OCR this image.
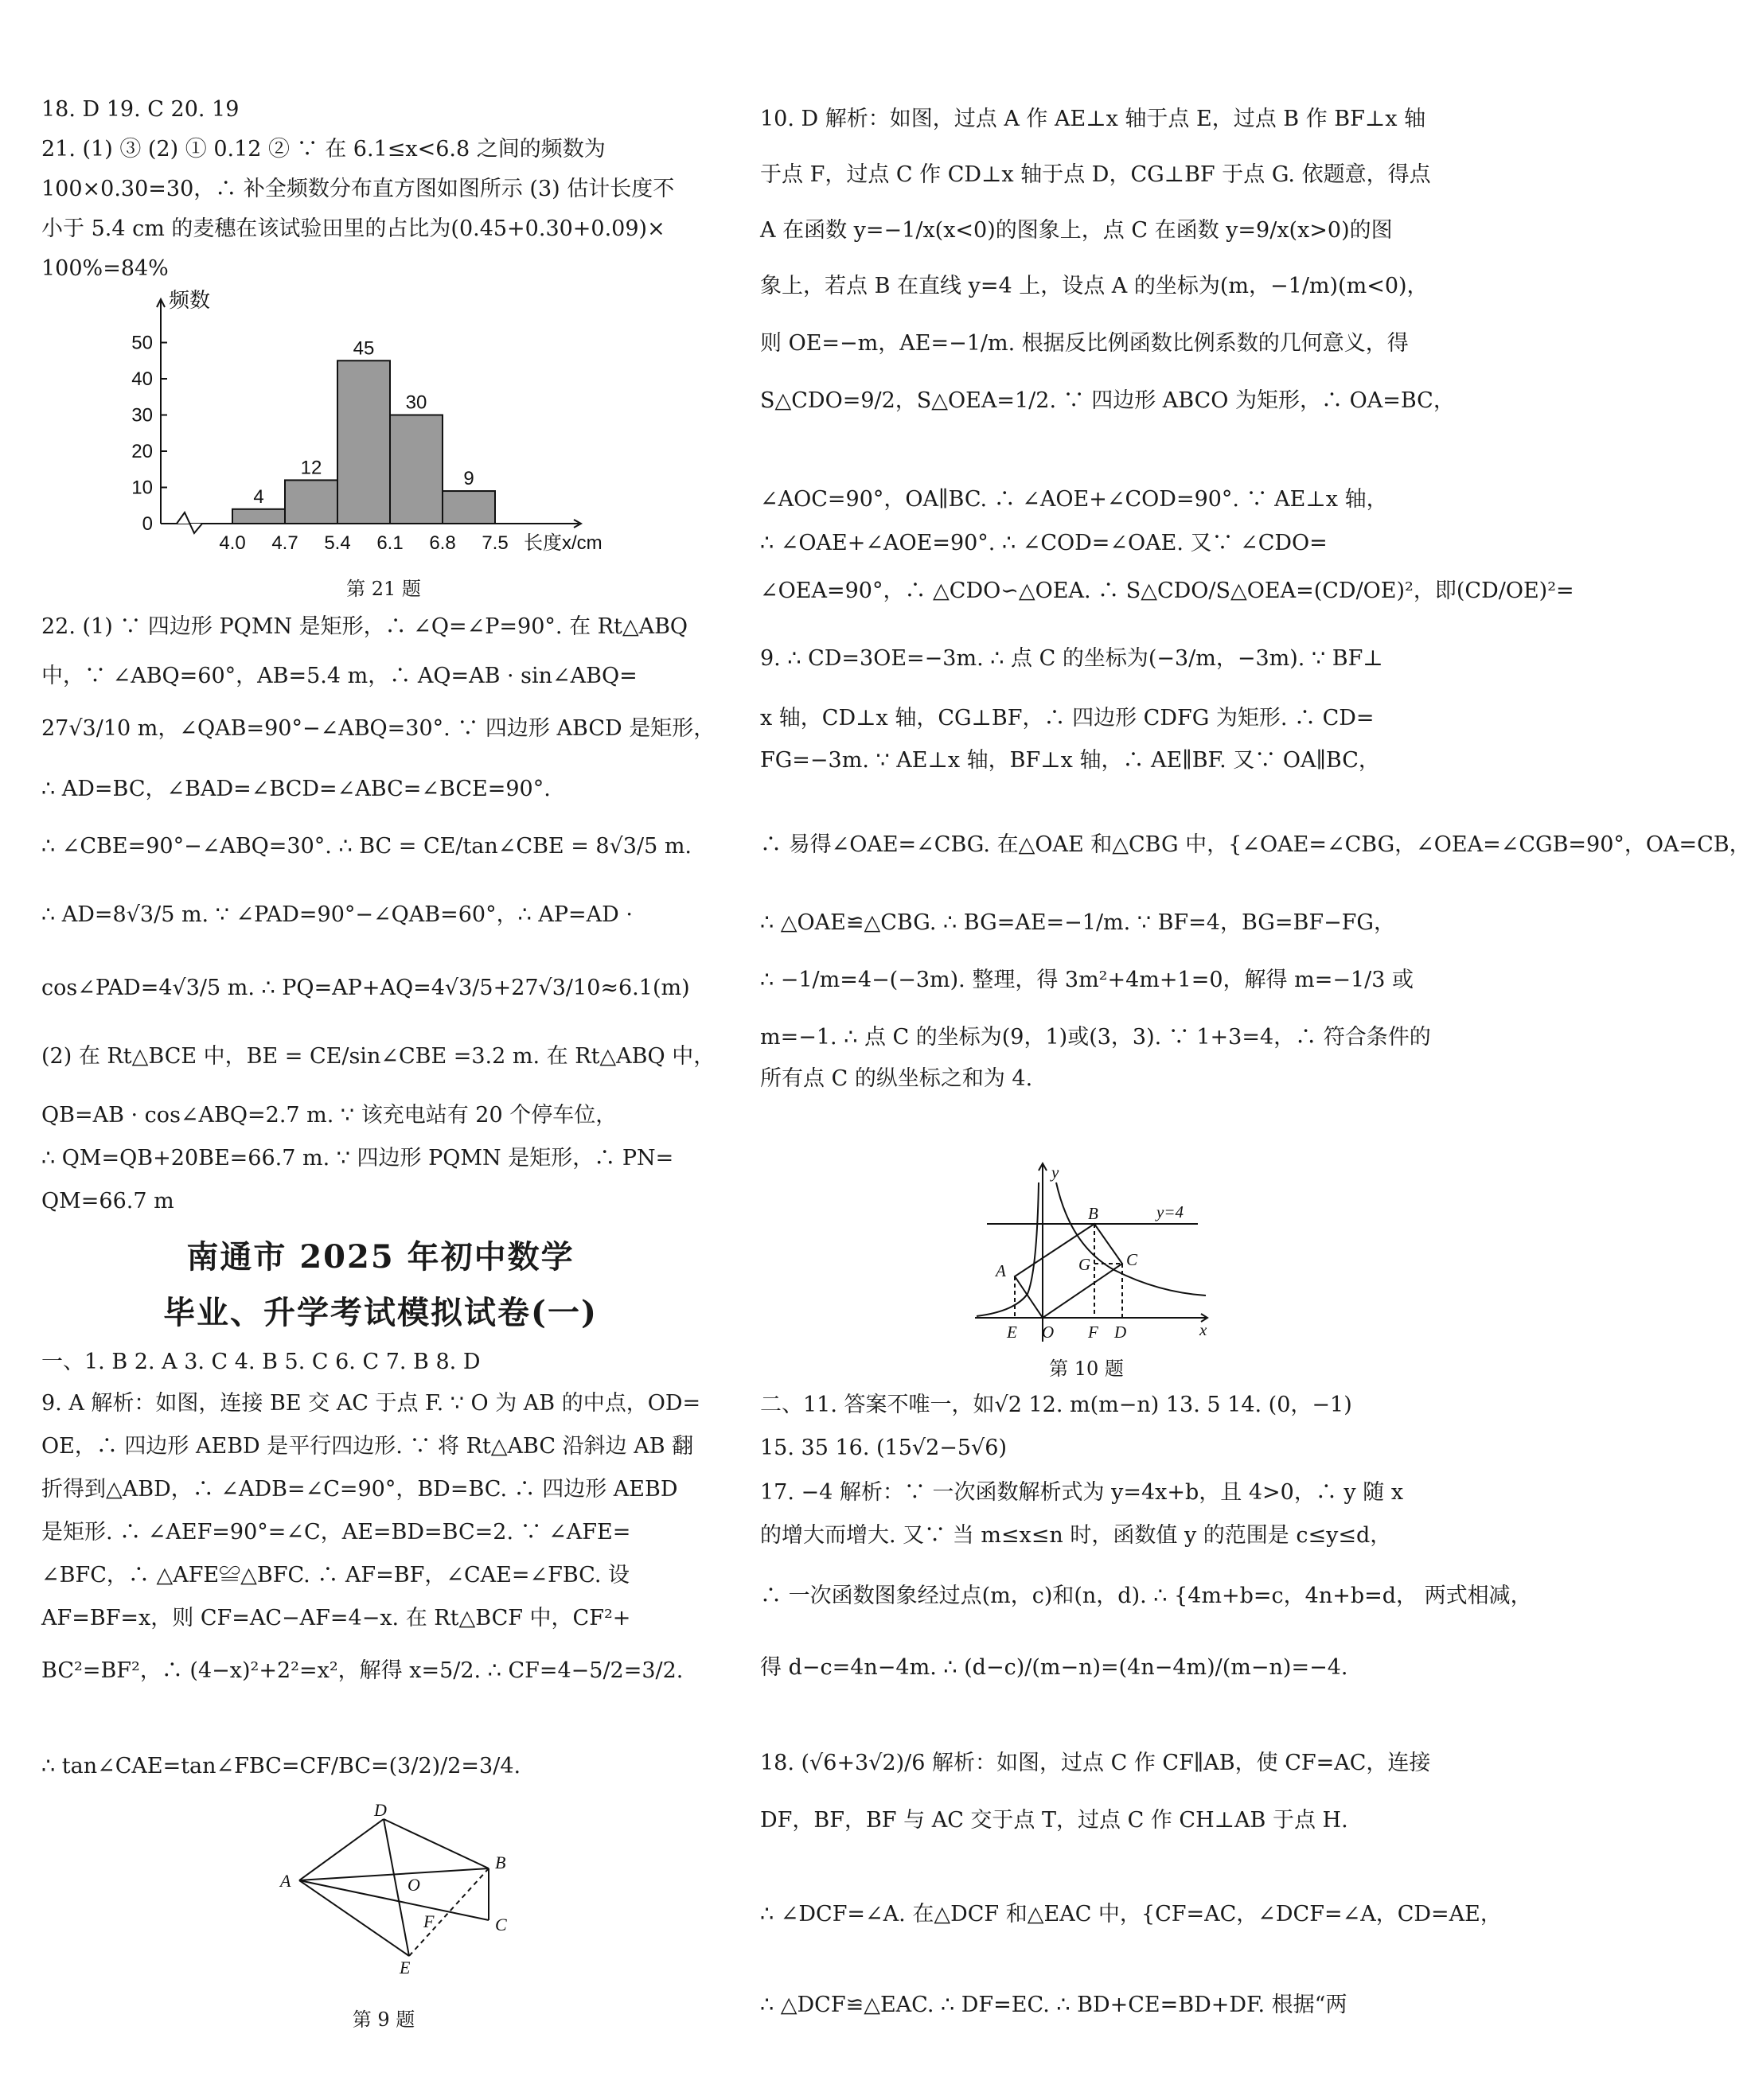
18. D 19. C 20. 19
21. (1) ③ (2) ① 0.12 ② ∵ 在 6.1≤x<6.8 之间的频数为
100×0.30=30，∴ 补全频数分布直方图如图所示 (3) 估计长度不
小于 5.4 cm 的麦穗在该试验田里的占比为(0.45+0.30+0.09)×
100%=84%
0
10
20
30
40
50
频数
4
12
45
30
9
4.0 4.7 5.4 6.1 6.8 7.5 长度x/cm
第 21 题
22. (1) ∵ 四边形 PQMN 是矩形，∴ ∠Q=∠P=90°. 在 Rt△ABQ
中，∵ ∠ABQ=60°，AB=5.4 m，∴ AQ=AB · sin∠ABQ=
27√3/10 m，∠QAB=90°−∠ABQ=30°. ∵ 四边形 ABCD 是矩形，
∴ AD=BC，∠BAD=∠BCD=∠ABC=∠BCE=90°.
∴ ∠CBE=90°−∠ABQ=30°. ∴ BC = CE/tan∠CBE = 8√3/5 m.
∴ AD=8√3/5 m. ∵ ∠PAD=90°−∠QAB=60°，∴ AP=AD ·
cos∠PAD=4√3/5 m. ∴ PQ=AP+AQ=4√3/5+27√3/10≈6.1(m)
(2) 在 Rt△BCE 中，BE = CE/sin∠CBE =3.2 m. 在 Rt△ABQ 中，
QB=AB · cos∠ABQ=2.7 m. ∵ 该充电站有 20 个停车位，
∴ QM=QB+20BE=66.7 m. ∵ 四边形 PQMN 是矩形，∴ PN=
QM=66.7 m
南通市 2025 年初中数学
毕业、升学考试模拟试卷(一)
一、1. B 2. A 3. C 4. B 5. C 6. C 7. B 8. D
9. A 解析：如图，连接 BE 交 AC 于点 F. ∵ O 为 AB 的中点，OD=
OE，∴ 四边形 AEBD 是平行四边形. ∵ 将 Rt△ABC 沿斜边 AB 翻
折得到△ABD，∴ ∠ADB=∠C=90°，BD=BC. ∴ 四边形 AEBD
是矩形. ∴ ∠AEF=90°=∠C，AE=BD=BC=2. ∵ ∠AFE=
∠BFC，∴ △AFE≌△BFC. ∴ AF=BF，∠CAE=∠FBC. 设
AF=BF=x，则 CF=AC−AF=4−x. 在 Rt△BCF 中，CF²+
BC²=BF²，∴ (4−x)²+2²=x²，解得 x=5/2. ∴ CF=4−5/2=3/2.
∴ tan∠CAE=tan∠FBC=CF/BC=(3/2)/2=3/4.
A
D
B
C
O
F
E
第 9 题
10. D 解析：如图，过点 A 作 AE⊥x 轴于点 E，过点 B 作 BF⊥x 轴
于点 F，过点 C 作 CD⊥x 轴于点 D，CG⊥BF 于点 G. 依题意，得点
A 在函数 y=−1/x(x<0)的图象上，点 C 在函数 y=9/x(x>0)的图
象上，若点 B 在直线 y=4 上，设点 A 的坐标为(m，−1/m)(m<0)，
则 OE=−m，AE=−1/m. 根据反比例函数比例系数的几何意义，得
S△CDO=9/2，S△OEA=1/2. ∵ 四边形 ABCO 为矩形，∴ OA=BC，
∠AOC=90°，OA∥BC. ∴ ∠AOE+∠COD=90°. ∵ AE⊥x 轴，
∴ ∠OAE+∠AOE=90°. ∴ ∠COD=∠OAE. 又∵ ∠CDO=
∠OEA=90°，∴ △CDO∽△OEA. ∴ S△CDO/S△OEA=(CD/OE)²，即(CD/OE)²=
9. ∴ CD=3OE=−3m. ∴ 点 C 的坐标为(−3/m，−3m). ∵ BF⊥
x 轴，CD⊥x 轴，CG⊥BF，∴ 四边形 CDFG 为矩形. ∴ CD=
FG=−3m. ∵ AE⊥x 轴，BF⊥x 轴，∴ AE∥BF. 又∵ OA∥BC，
∴ 易得∠OAE=∠CBG. 在△OAE 和△CBG 中，{∠OAE=∠CBG，∠OEA=∠CGB=90°，OA=CB，
∴ △OAE≌△CBG. ∴ BG=AE=−1/m. ∵ BF=4，BG=BF−FG，
∴ −1/m=4−(−3m). 整理，得 3m²+4m+1=0，解得 m=−1/3 或
m=−1. ∴ 点 C 的坐标为(9，1)或(3，3). ∵ 1+3=4，∴ 符合条件的
所有点 C 的纵坐标之和为 4.
y
x
A
B
C
G
E O F D
y=4
第 10 题
二、11. 答案不唯一，如√2 12. m(m−n) 13. 5 14. (0，−1)
15. 35 16. (15√2−5√6)
17. −4 解析：∵ 一次函数解析式为 y=4x+b，且 4>0，∴ y 随 x
的增大而增大. 又∵ 当 m≤x≤n 时，函数值 y 的范围是 c≤y≤d，
∴ 一次函数图象经过点(m，c)和(n，d). ∴ {4m+b=c，4n+b=d， 两式相减，
得 d−c=4n−4m. ∴ (d−c)/(m−n)=(4n−4m)/(m−n)=−4.
18. (√6+3√2)/6 解析：如图，过点 C 作 CF∥AB，使 CF=AC，连接
DF，BF，BF 与 AC 交于点 T，过点 C 作 CH⊥AB 于点 H.
∴ ∠DCF=∠A. 在△DCF 和△EAC 中，{CF=AC，∠DCF=∠A，CD=AE，
∴ △DCF≌△EAC. ∴ DF=EC. ∴ BD+CE=BD+DF. 根据“两
